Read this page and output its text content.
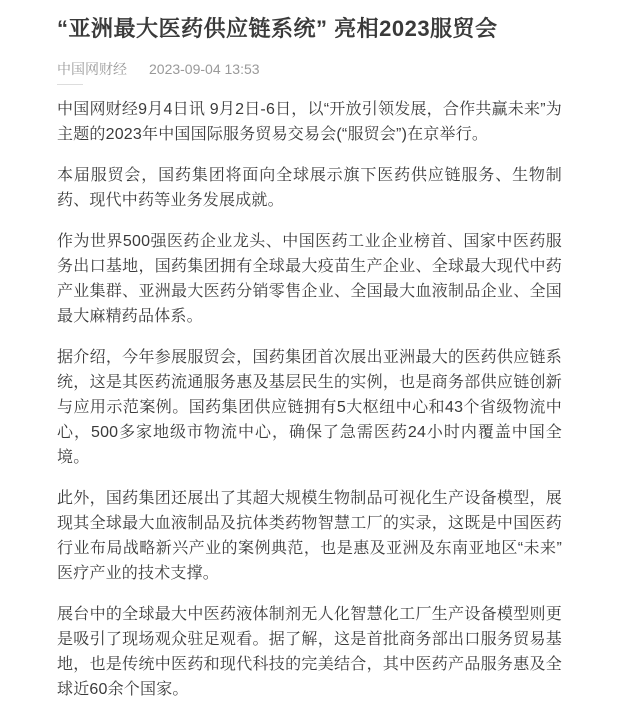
“亚洲最大医药供应链系统” 亮相2023服贸会
中国网财经 2023-09-04 13:53

中国网财经9月4日讯 9月2日-6日，以“开放引领发展，合作共赢未来”为主题的2023年中国国际服务贸易交易会(“服贸会”)在京举行。

本届服贸会，国药集团将面向全球展示旗下医药供应链服务、生物制药、现代中药等业务发展成就。

作为世界500强医药企业龙头、中国医药工业企业榜首、国家中医药服务出口基地，国药集团拥有全球最大疫苗生产企业、全球最大现代中药产业集群、亚洲最大医药分销零售企业、全国最大血液制品企业、全国最大麻精药品体系。

据介绍，今年参展服贸会，国药集团首次展出亚洲最大的医药供应链系统，这是其医药流通服务惠及基层民生的实例，也是商务部供应链创新与应用示范案例。国药集团供应链拥有5大枢纽中心和43个省级物流中心，500多家地级市物流中心，确保了急需医药24小时内覆盖中国全境。

此外，国药集团还展出了其超大规模生物制品可视化生产设备模型，展现其全球最大血液制品及抗体类药物智慧工厂的实录，这既是中国医药行业布局战略新兴产业的案例典范，也是惠及亚洲及东南亚地区“未来”医疗产业的技术支撑。

展台中的全球最大中医药液体制剂无人化智慧化工厂生产设备模型则更是吸引了现场观众驻足观看。据了解，这是首批商务部出口服务贸易基地，也是传统中医药和现代科技的完美结合，其中医药产品服务惠及全球近60余个国家。
